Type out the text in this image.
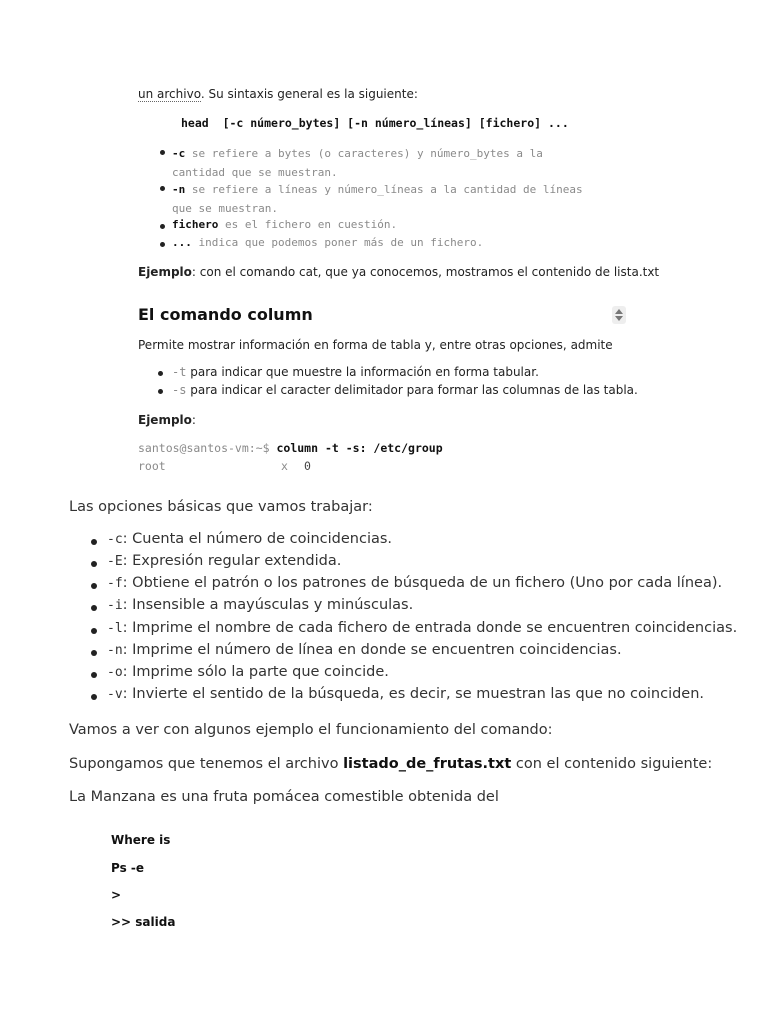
un archivo. Su sintaxis general es la siguiente:
head [-c número_bytes] [-n número_líneas] [fichero] ...
-c se refiere a bytes (o caracteres) y número_bytes a la
cantidad que se muestran.
-n se refiere a líneas y número_líneas a la cantidad de líneas
que se muestran.
fichero es el fichero en cuestión.
... indica que podemos poner más de un fichero.
Ejemplo: con el comando cat, que ya conocemos, mostramos el contenido de lista.txt
El comando column
Permite mostrar información en forma de tabla y, entre otras opciones, admite
-t para indicar que muestre la información en forma tabular.
-s para indicar el caracter delimitador para formar las columnas de las tabla.
Ejemplo:
santos@santos-vm:~$ column -t -s: /etc/group
root	x 0
Las opciones básicas que vamos trabajar:
-c: Cuenta el número de coincidencias.
-E: Expresión regular extendida.
-f: Obtiene el patrón o los patrones de búsqueda de un fichero (Uno por cada línea).
-i: Insensible a mayúsculas y minúsculas.
-l: Imprime el nombre de cada fichero de entrada donde se encuentren coincidencias.
-n: Imprime el número de línea en donde se encuentren coincidencias.
-o: Imprime sólo la parte que coincide.
-v: Invierte el sentido de la búsqueda, es decir, se muestran las que no coinciden.
Vamos a ver con algunos ejemplo el funcionamiento del comando:
Supongamos que tenemos el archivo listado_de_frutas.txt con el contenido siguiente:
La Manzana es una fruta pomácea comestible obtenida del
Where is
Ps -e
>
>> salida
